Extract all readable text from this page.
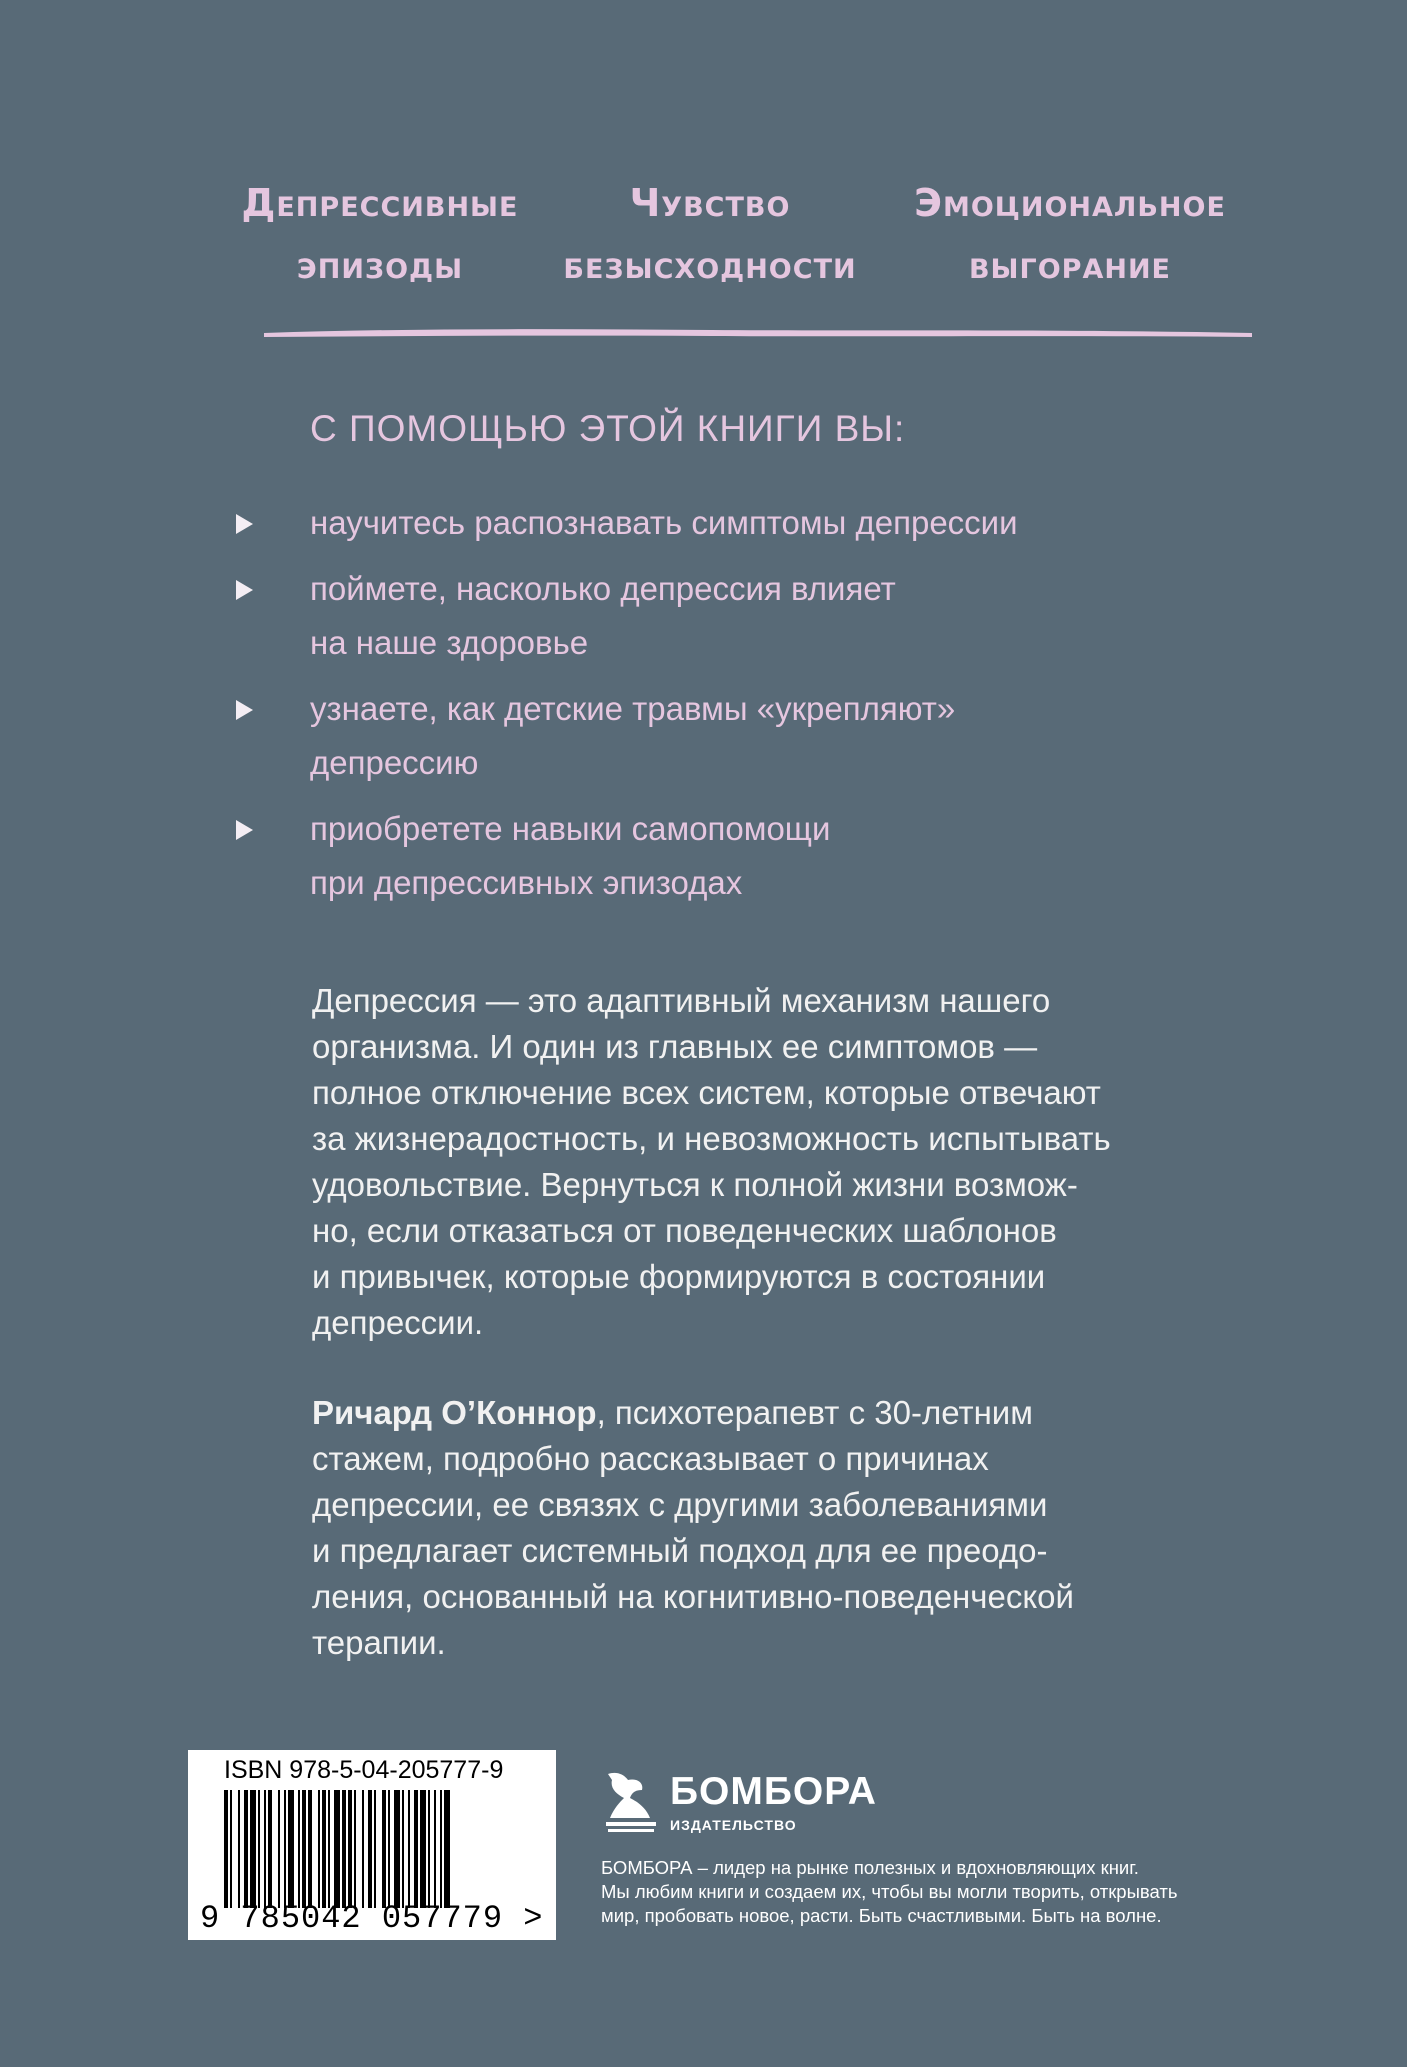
Депрессивные
эпизоды
Чувство
безысходности
Эмоциональное
выгорание
С ПОМОЩЬЮ ЭТОЙ КНИГИ ВЫ:
научитесь распознавать симптомы депрессии
поймете, насколько депрессия влияет
на наше здоровье
узнаете, как детские травмы «укрепляют»
депрессию
приобретете навыки самопомощи
при депрессивных эпизодах
Депрессия — это адаптивный механизм нашего
организма. И один из главных ее симптомов —
полное отключение всех систем, которые отвечают
за жизнерадостность, и невозможность испытывать
удовольствие. Вернуться к полной жизни возмож-
но, если отказаться от поведенческих шаблонов
и привычек, которые формируются в состоянии
депрессии.
Ричард О’Коннор, психотерапевт с 30-летним
стажем, подробно рассказывает о причинах
депрессии, ее связях с другими заболеваниями
и предлагает системный подход для ее преодо-
ления, основанный на когнитивно-поведенческой
терапии.
ISBN 978-5-04-205777-9
9 785042 057779 >
БОМБОРА
ИЗДАТЕЛЬСТВО
БОМБОРА – лидер на рынке полезных и вдохновляющих книг.
Мы любим книги и создаем их, чтобы вы могли творить, открывать
мир, пробовать новое, расти. Быть счастливыми. Быть на волне.
